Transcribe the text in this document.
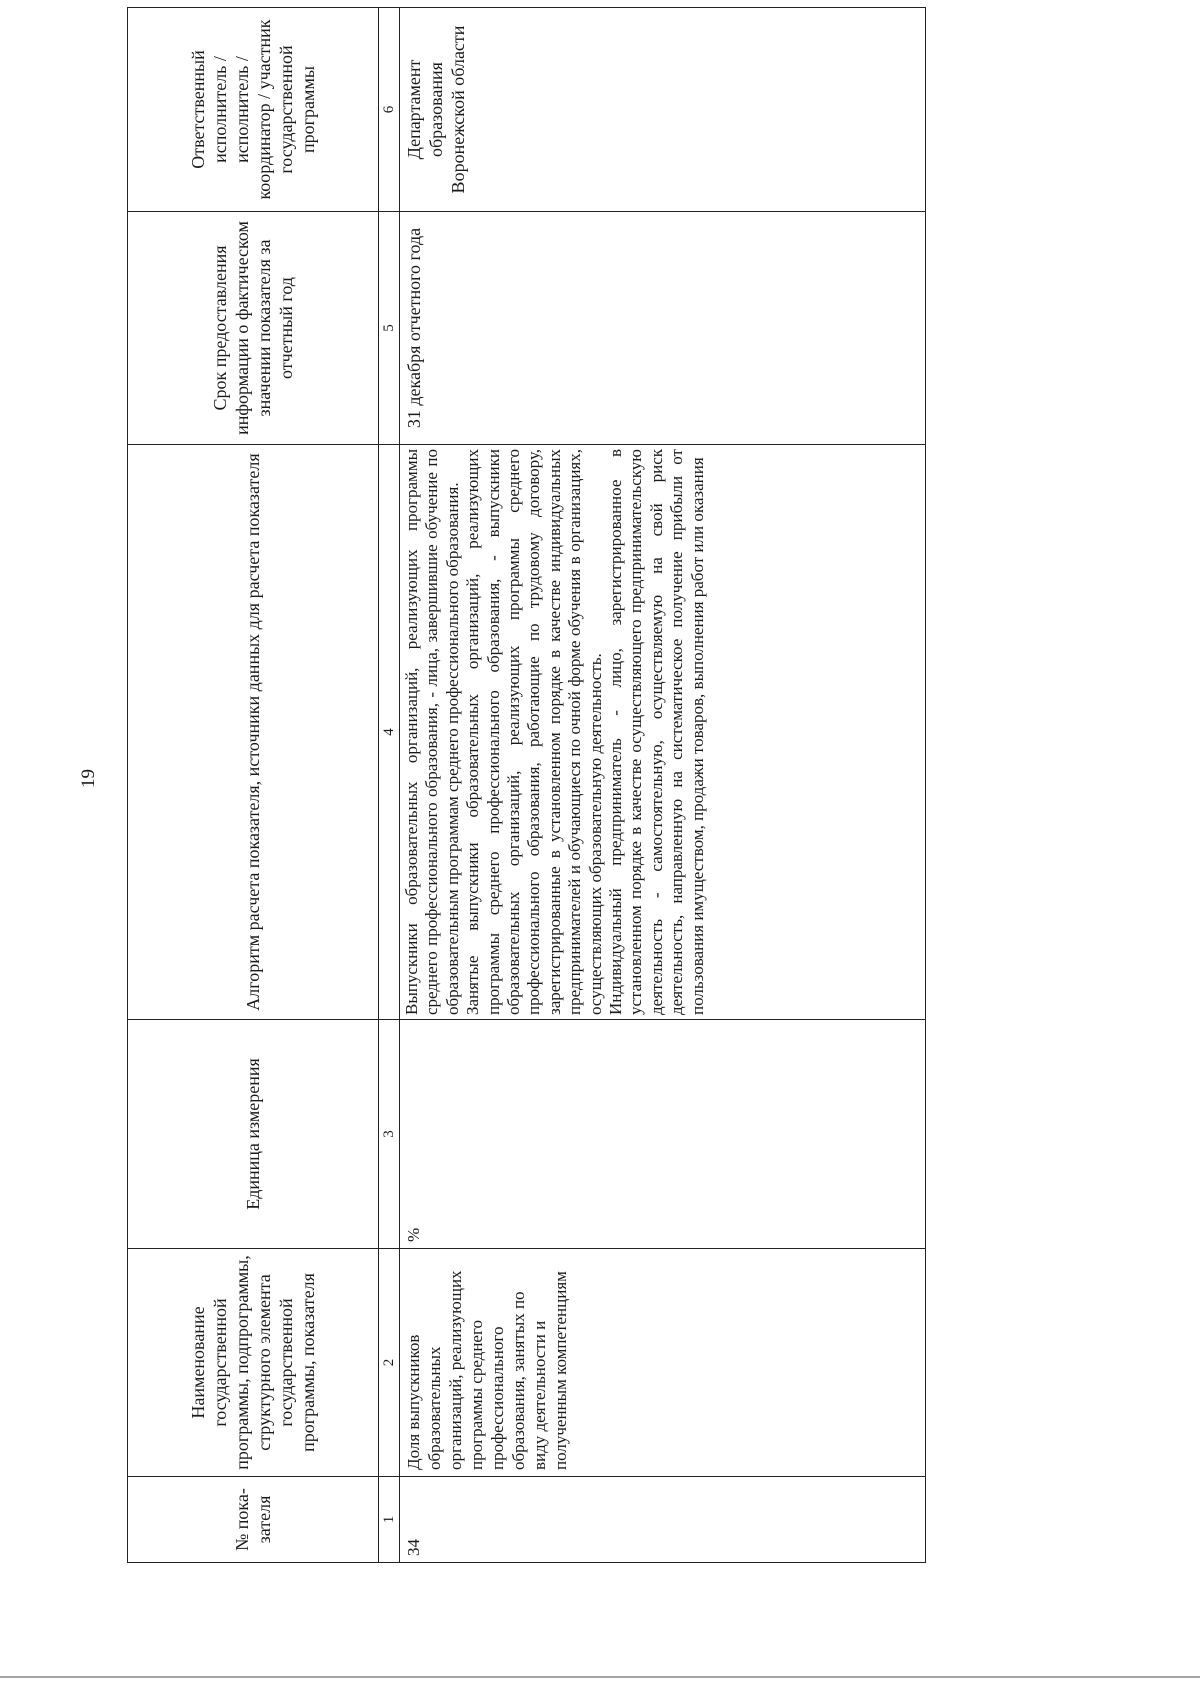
19
№ пока-зателя	Наименование государственной программы, подпрограммы, структурного элемента государственной программы, показателя	Единица измерения	Алгоритм расчета показателя, источники данных для расчета показателя	Срок предоставления информации о фактическом значении показателя за отчетный год	Ответственный исполнитель / исполнитель / координатор / участник государственной программы
1	2	3	4	5	6
34	Доля выпускников образовательных организаций, реализующих программы среднего профессионального образования, занятых по виду деятельности и полученным компетенциям	%	Выпускники образовательных организаций, реализующих программы среднего профессионального образования, - лица, завершившие обучение по образовательным программам среднего профессионального образования. Занятые выпускники образовательных организаций, реализующих программы среднего профессионального образования, - выпускники образовательных организаций, реализующих программы среднего профессионального образования, работающие по трудовому договору, зарегистрированные в установленном порядке в качестве индивидуальных предпринимателей и обучающиеся по очной форме обучения в организациях, осуществляющих образовательную деятельность. Индивидуальный предприниматель - лицо, зарегистрированное в установленном порядке в качестве осуществляющего предпринимательскую деятельность - самостоятельную, осуществляемую на свой риск деятельность, направленную на систематическое получение прибыли от пользования имуществом, продажи товаров, выполнения работ или оказания	31 декабря отчетного года	Департамент образования Воронежской области
